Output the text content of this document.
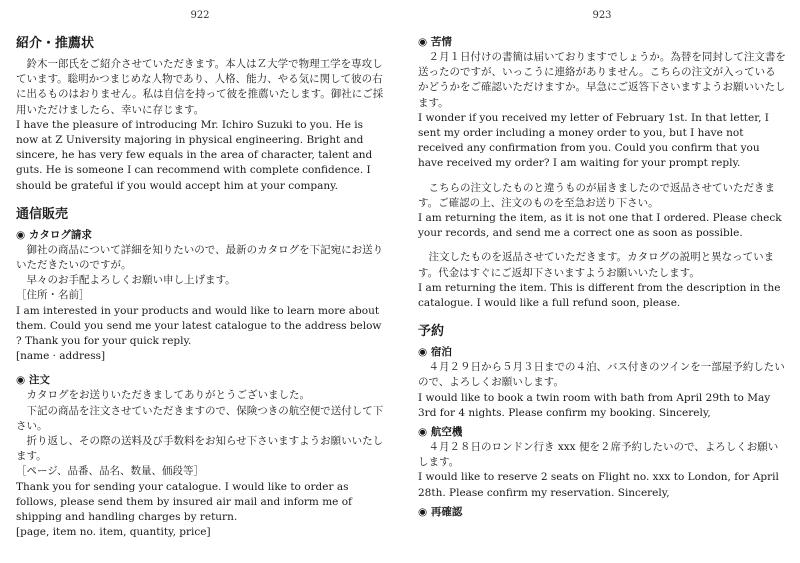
922
紹介・推薦状

鈴木一郎氏をご紹介させていただきます。本人はＺ大学で物理工学を専攻しています。聡明かつまじめな人物であり、人格、能力、やる気に関して彼の右に出るものはおりません。私は自信を持って彼を推薦いたします。御社にご採用いただけましたら、幸いに存じます。

I have the pleasure of introducing Mr. Ichiro Suzuki to you. He is now at Z University majoring in physical engineering. Bright and sincere, he has very few equals in the area of character, talent and guts. He is someone I can recommend with complete confidence. I should be grateful if you would accept him at your company.

通信販売
◉ カタログ請求

御社の商品について詳細を知りたいので、最新のカタログを下記宛にお送りいただきたいのですが。

早々のお手配よろしくお願い申し上げます。

［住所・名前］

I am interested in your products and would like to learn more about them. Could you send me your latest catalogue to the address below ? Thank you for your quick reply.

[name · address]

◉ 注文

カタログをお送りいただきましてありがとうございました。

下記の商品を注文させていただきますので、保険つきの航空便で送付して下さい。

折り返し、その際の送料及び手数料をお知らせ下さいますようお願いいたします。

［ページ、品番、品名、数量、価段等］

Thank you for sending your catalogue. I would like to order as follows, please send them by insured air mail and inform me of shipping and handling charges by return.

[page, item no. item, quantity, price]

923
◉ 苦情

２月１日付けの書簡は届いておりますでしょうか。為替を同封して注文書を送ったのですが、いっこうに連絡がありません。こちらの注文が入っているかどうかをご確認いただけますか。早急にご返答下さいますようお願いいたします。

I wonder if you received my letter of February 1st. In that letter, I sent my order including a money order to you, but I have not received any confirmation from you. Could you confirm that you have received my order? I am waiting for your prompt reply.

こちらの注文したものと違うものが届きましたので返品させていただきます。ご確認の上、注文のものを至急お送り下さい。

I am returning the item, as it is not one that I ordered. Please check your records, and send me a correct one as soon as possible.

注文したものを返品させていただきます。カタログの説明と異なっています。代金はすぐにご返却下さいますようお願いいたします。

I am returning the item. This is different from the description in the catalogue. I would like a full refund soon, please.

予約
◉ 宿泊

４月２９日から５月３日までの４泊、バス付きのツインを一部屋予約したいので、よろしくお願いします。

I would like to book a twin room with bath from April 29th to May 3rd for 4 nights. Please confirm my booking. Sincerely,

◉ 航空機

４月２８日のロンドン行き xxx 便を２席予約したいので、よろしくお願いします。

I would like to reserve 2 seats on Flight no. xxx to London, for April 28th. Please confirm my reservation. Sincerely,

◉ 再確認
